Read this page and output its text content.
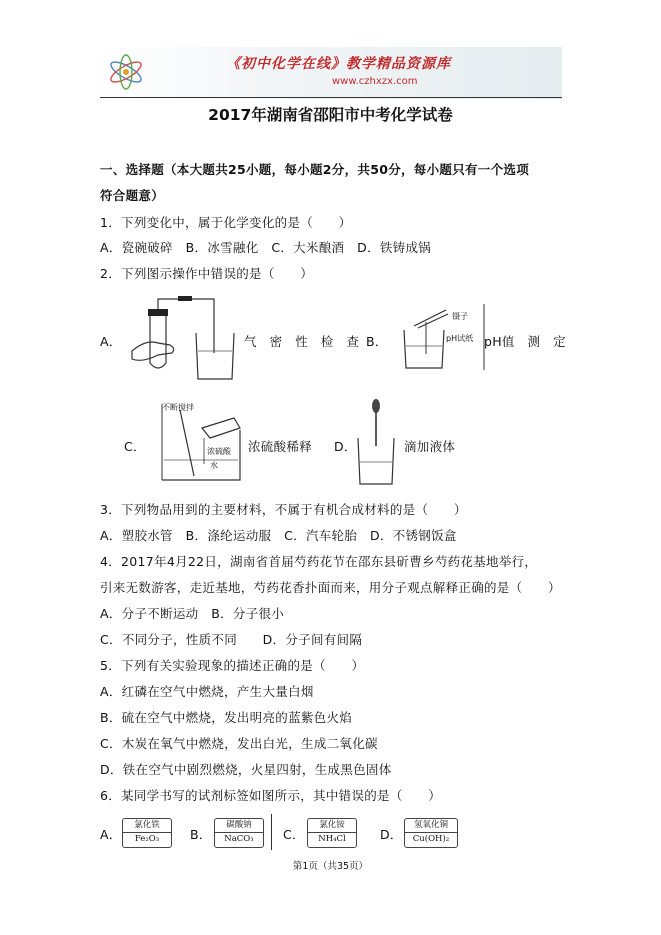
《初中化学在线》教学精品资源库
www.czhxzx.com
2017年湖南省邵阳市中考化学试卷
一、选择题（本大题共25小题，每小题2分，共50分，每小题只有一个选项
符合题意）
1．下列变化中，属于化学变化的是（　　）
A．瓷碗破碎　B．冰雪融化　C．大米酿酒　D．铁铸成锅
2．下列图示操作中错误的是（　　）
A．	气　密　性　检　查 B．
镊子
pH试纸 pH值　测　定
C．
不断搅拌
浓硫酸
水
浓硫酸稀释 D．	滴加液体
3．下列物品用到的主要材料，不属于有机合成材料的是（　　）
A．塑胶水管　B．涤纶运动服　C．汽车轮胎　D．不锈钢饭盒
4．2017年4月22日，湖南省首届芍药花节在邵东县斫曹乡芍药花基地举行，
引来无数游客，走近基地，芍药花香扑面而来，用分子观点解释正确的是（　　）
A．分子不断运动　B．分子很小
C．不同分子，性质不同　　D．分子间有间隔
5．下列有关实验现象的描述正确的是（　　）
A．红磷在空气中燃烧，产生大量白烟
B．硫在空气中燃烧，发出明亮的蓝紫色火焰
C．木炭在氧气中燃烧，发出白光，生成二氧化碳
D．铁在空气中剧烈燃烧，火星四射，生成黑色固体
6．某同学书写的试剂标签如图所示，其中错误的是（　　）
A．
氯化铁
Fe₂O₃	B．
碳酸钠
NaCO₃	C．
氯化铵
NH₄Cl	D．
氢氧化铜
Cu(OH)₂
第1页（共35页）
